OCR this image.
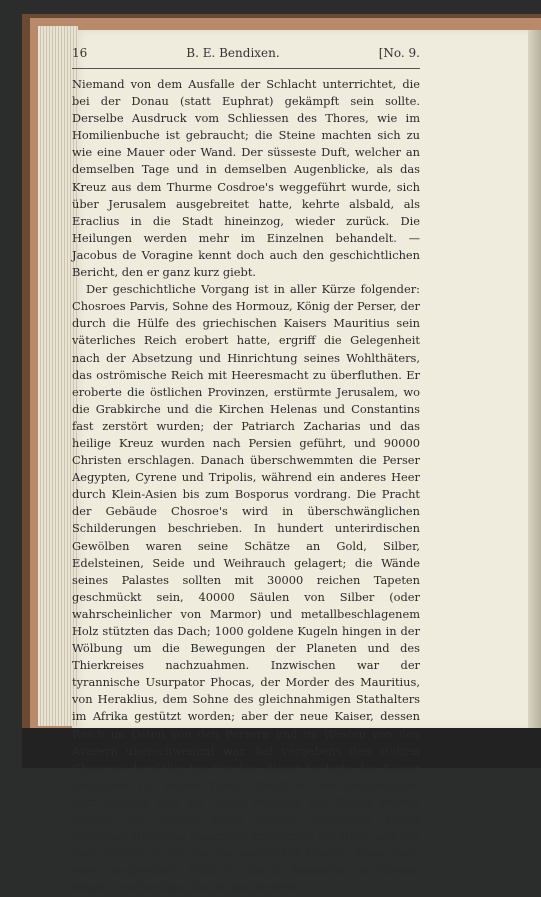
16	B. E. Bendixen.	[No. 9.

Niemand von dem Ausfalle der Schlacht unterrichtet, die bei der Donau (statt Euphrat) gekämpft sein sollte. Derselbe Ausdruck vom Schliessen des Thores, wie im Homilienbuche ist gebraucht; die Steine machten sich zu wie eine Mauer oder Wand. Der süsseste Duft, welcher an demselben Tage und in demselben Augenblicke, als das Kreuz aus dem Thurme Cosdroe's weggeführt wurde, sich über Jerusalem ausgebreitet hatte, kehrte alsbald, als Eraclius in die Stadt hineinzog, wieder zurück. Die Heilungen werden mehr im Einzelnen behandelt. — Jacobus de Voragine kennt doch auch den geschichtlichen Bericht, den er ganz kurz giebt.

Der geschichtliche Vorgang ist in aller Kürze folgender: Chosroes Parvis, Sohne des Hormouz, König der Perser, der durch die Hülfe des griechischen Kaisers Mauritius sein väterliches Reich erobert hatte, ergriff die Gelegenheit nach der Absetzung und Hinrichtung seines Wohlthäters, das oströmische Reich mit Heeresmacht zu überfluthen. Er eroberte die östlichen Provinzen, erstürmte Jerusalem, wo die Grabkirche und die Kirchen Helenas und Constantins fast zerstört wurden; der Patriarch Zacharias und das heilige Kreuz wurden nach Persien geführt, und 90000 Christen erschlagen. Danach überschwemmten die Perser Aegypten, Cyrene und Tripolis, während ein anderes Heer durch Klein-Asien bis zum Bosporus vordrang. Die Pracht der Gebäude Chosroe's wird in überschwänglichen Schilderungen beschrieben. In hundert unterirdischen Gewölben waren seine Schätze an Gold, Silber, Edelsteinen, Seide und Weihrauch gelagert; die Wände seines Palastes sollten mit 30000 reichen Tapeten geschmückt sein, 40000 Säulen von Silber (oder wahrscheinlicher von Marmor) und metallbeschlagenem Holz stützten das Dach; 1000 goldene Kugeln hingen in der Wölbung um die Bewegungen der Planeten und des Thierkreises nachzuahmen. Inzwischen war der tyrannische Usurpator Phocas, der Morder des Mauritius, von Heraklius, dem Sohne des gleichnahmigen Stathalters im Afrika gestützt worden; aber der neue Kaiser, dessen Reich im Osten von den Persern und im Westen von den Avarern überschwemmt war, bat vergebens den stolzen Chosroes demüthig um Frieden; dieser forderte den Kaiser gebunden vor seinen Thron, damit er den gekreuzigten Gott aufgebe und die Sonne verehre; der Kaiser musste zuletzt dem Perser einen grossen jährlichen Tribut bezahlen. Heraclius sammelte inzwischen ein Heer, und zog nach Cilicien im Rücken des persischen Heeres, drang nach einer siegreichen Schlacht durch Armenien in Medien hinein; erschrocken durch das Vordrän-
